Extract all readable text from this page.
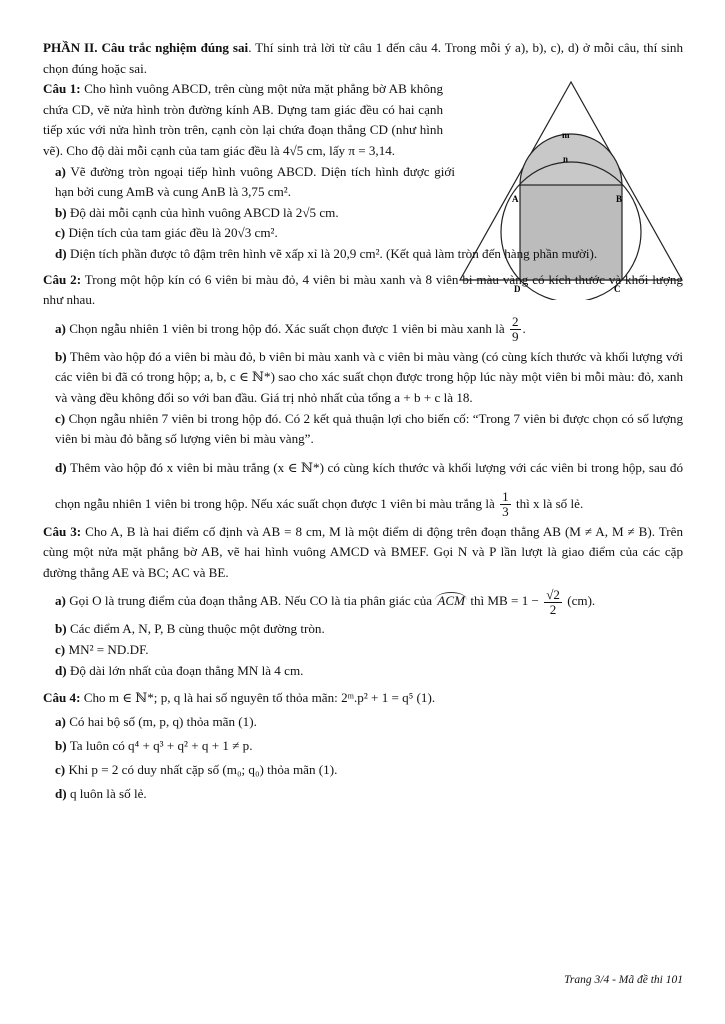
m
n
A	B
D	C

PHẦN II. Câu trắc nghiệm đúng sai. Thí sinh trả lời từ câu 1 đến câu 4. Trong mỗi ý a), b), c), d) ở mỗi câu, thí sinh chọn đúng hoặc sai.

Câu 1: Cho hình vuông ABCD, trên cùng một nửa mặt phẳng bờ AB không chứa CD, vẽ nửa hình tròn đường kính AB. Dựng tam giác đều có hai cạnh tiếp xúc với nửa hình tròn trên, cạnh còn lại chứa đoạn thẳng CD (như hình vẽ). Cho độ dài mỗi cạnh của tam giác đều là 4√5 cm, lấy π = 3,14.

a) Vẽ đường tròn ngoại tiếp hình vuông ABCD. Diện tích hình được giới hạn bởi cung AmB và cung AnB là 3,75 cm².

b) Độ dài mỗi cạnh của hình vuông ABCD là 2√5 cm.

c) Diện tích của tam giác đều là 20√3 cm².

d) Diện tích phần được tô đậm trên hình vẽ xấp xỉ là 20,9 cm². (Kết quả làm tròn đến hàng phần mười).

Câu 2: Trong một hộp kín có 6 viên bi màu đỏ, 4 viên bi màu xanh và 8 viên bi màu vàng có kích thước và khối lượng như nhau.

a) Chọn ngẫu nhiên 1 viên bi trong hộp đó. Xác suất chọn được 1 viên bi màu xanh là $\frac{2}{9}$ .

b) Thêm vào hộp đó a viên bi màu đỏ, b viên bi màu xanh và c viên bi màu vàng (có cùng kích thước và khối lượng với các viên bi đã có trong hộp; a, b, c ∈ ℕ*) sao cho xác suất chọn được trong hộp lúc này một viên bi mỗi màu: đỏ, xanh và vàng đều không đổi so với ban đầu. Giá trị nhỏ nhất của tổng a + b + c là 18.

c) Chọn ngẫu nhiên 7 viên bi trong hộp đó. Có 2 kết quả thuận lợi cho biến cố: “Trong 7 viên bi được chọn có số lượng viên bi màu đỏ bằng số lượng viên bi màu vàng”.

d) Thêm vào hộp đó x viên bi màu trắng (x ∈ ℕ*) có cùng kích thước và khối lượng với các viên bi trong hộp, sau đó chọn ngẫu nhiên 1 viên bi trong hộp. Nếu xác suất chọn được 1 viên bi màu trắng là $\frac{1}{3}$ thì x là số lẻ.

Câu 3: Cho A, B là hai điểm cố định và AB = 8 cm, M là một điểm di động trên đoạn thẳng AB (M ≠ A, M ≠ B). Trên cùng một nửa mặt phẳng bờ AB, vẽ hai hình vuông AMCD và BMEF. Gọi N và P lần lượt là giao điểm của các cặp đường thẳng AE và BC; AC và BE.

a) Gọi O là trung điểm của đoạn thẳng AB. Nếu CO là tia phân giác của ACM thì MB = $1 - \frac{√2}{2} (cm)$.

b) Các điểm A, N, P, B cùng thuộc một đường tròn.

c) MN² = ND.DF.

d) Độ dài lớn nhất của đoạn thẳng MN là 4 cm.

Câu 4: Cho m ∈ ℕ*; p, q là hai số nguyên tố thỏa mãn: 2ᵐ.p² + 1 = q⁵ (1).

a) Có hai bộ số (m, p, q) thỏa mãn (1).

b) Ta luôn có q⁴ + q³ + q² + q + 1 ≠ p.

c) Khi p = 2 có duy nhất cặp số (m₀; q₀) thỏa mãn (1).

d) q luôn là số lẻ.

Trang 3/4 - Mã đề thi 101
